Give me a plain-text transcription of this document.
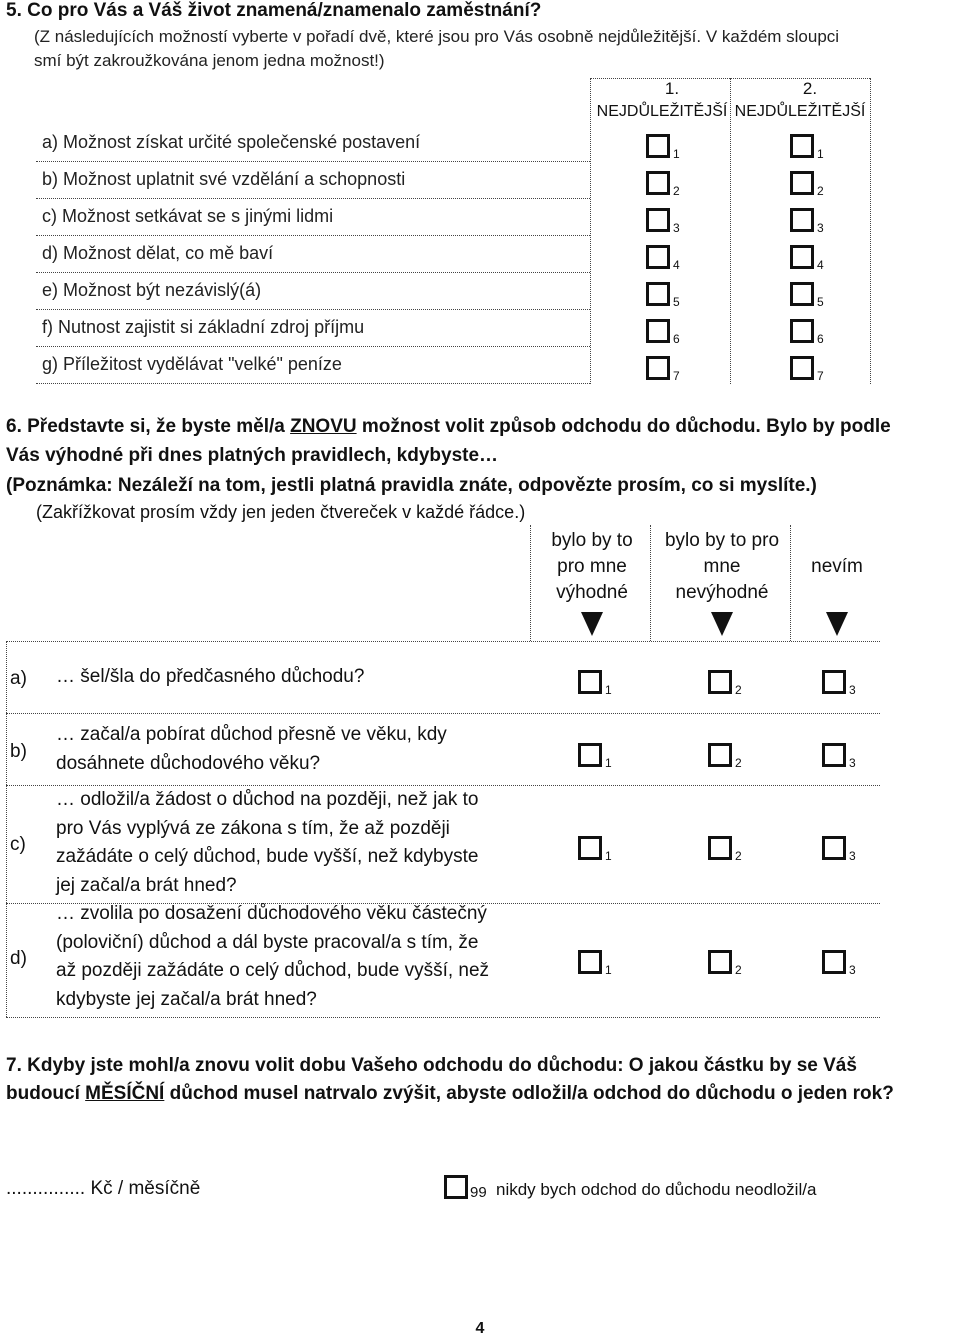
5. Co pro Vás a Váš život znamená/znamenalo zaměstnání?
(Z následujících možností vyberte v pořadí dvě, které jsou pro Vás osobně nejdůležitější. V každém sloupci
smí být zakroužkována jenom jedna možnost!)
1.
NEJDŮLEŽITĚJŠÍ
2.
NEJDŮLEŽITĚJŠÍ
a) Možnost získat určité společenské postavení
1	1
b) Možnost uplatnit své vzdělání a schopnosti
2	2
c) Možnost setkávat se s jinými lidmi
3	3
d) Možnost dělat, co mě baví
4	4
e) Možnost být nezávislý(á)
5	5
f) Nutnost zajistit si základní zdroj příjmu
6	6
g) Příležitost vydělávat "velké" peníze
7	7
6. Představte si, že byste měl/a ZNOVU možnost volit způsob odchodu do důchodu. Bylo by podle
Vás výhodné při dnes platných pravidlech, kdybyste…
(Poznámka: Nezáleží na tom, jestli platná pravidla znáte, odpovězte prosím, co si myslíte.)
(Zakřížkovat prosím vždy jen jeden čtvereček v každé řádce.)
bylo by to
pro mne
výhodné
bylo by to pro
mne
nevýhodné
nevím
a) … šel/šla do předčasného důchodu?
1	2	3
b)
… začal/a pobírat důchod přesně ve věku, kdy
dosáhnete důchodového věku?	1	2	3
c)
… odložil/a žádost o důchod na později, než jak to
pro Vás vyplývá ze zákona s tím, že až později
zažádáte o celý důchod, bude vyšší, než kdybyste
jej začal/a brát hned?
1	2	3
d)
… zvolila po dosažení důchodového věku částečný
(poloviční) důchod a dál byste pracoval/a s tím, že
až později zažádáte o celý důchod, bude vyšší, než
kdybyste jej začal/a brát hned?
1	2	3
7. Kdyby jste mohl/a znovu volit dobu Vašeho odchodu do důchodu: O jakou částku by se Váš
budoucí MĚSÍČNÍ důchod musel natrvalo zvýšit, abyste odložil/a odchod do důchodu o jeden rok?
............... Kč / měsíčně	99 nikdy bych odchod do důchodu neodložil/a
4
